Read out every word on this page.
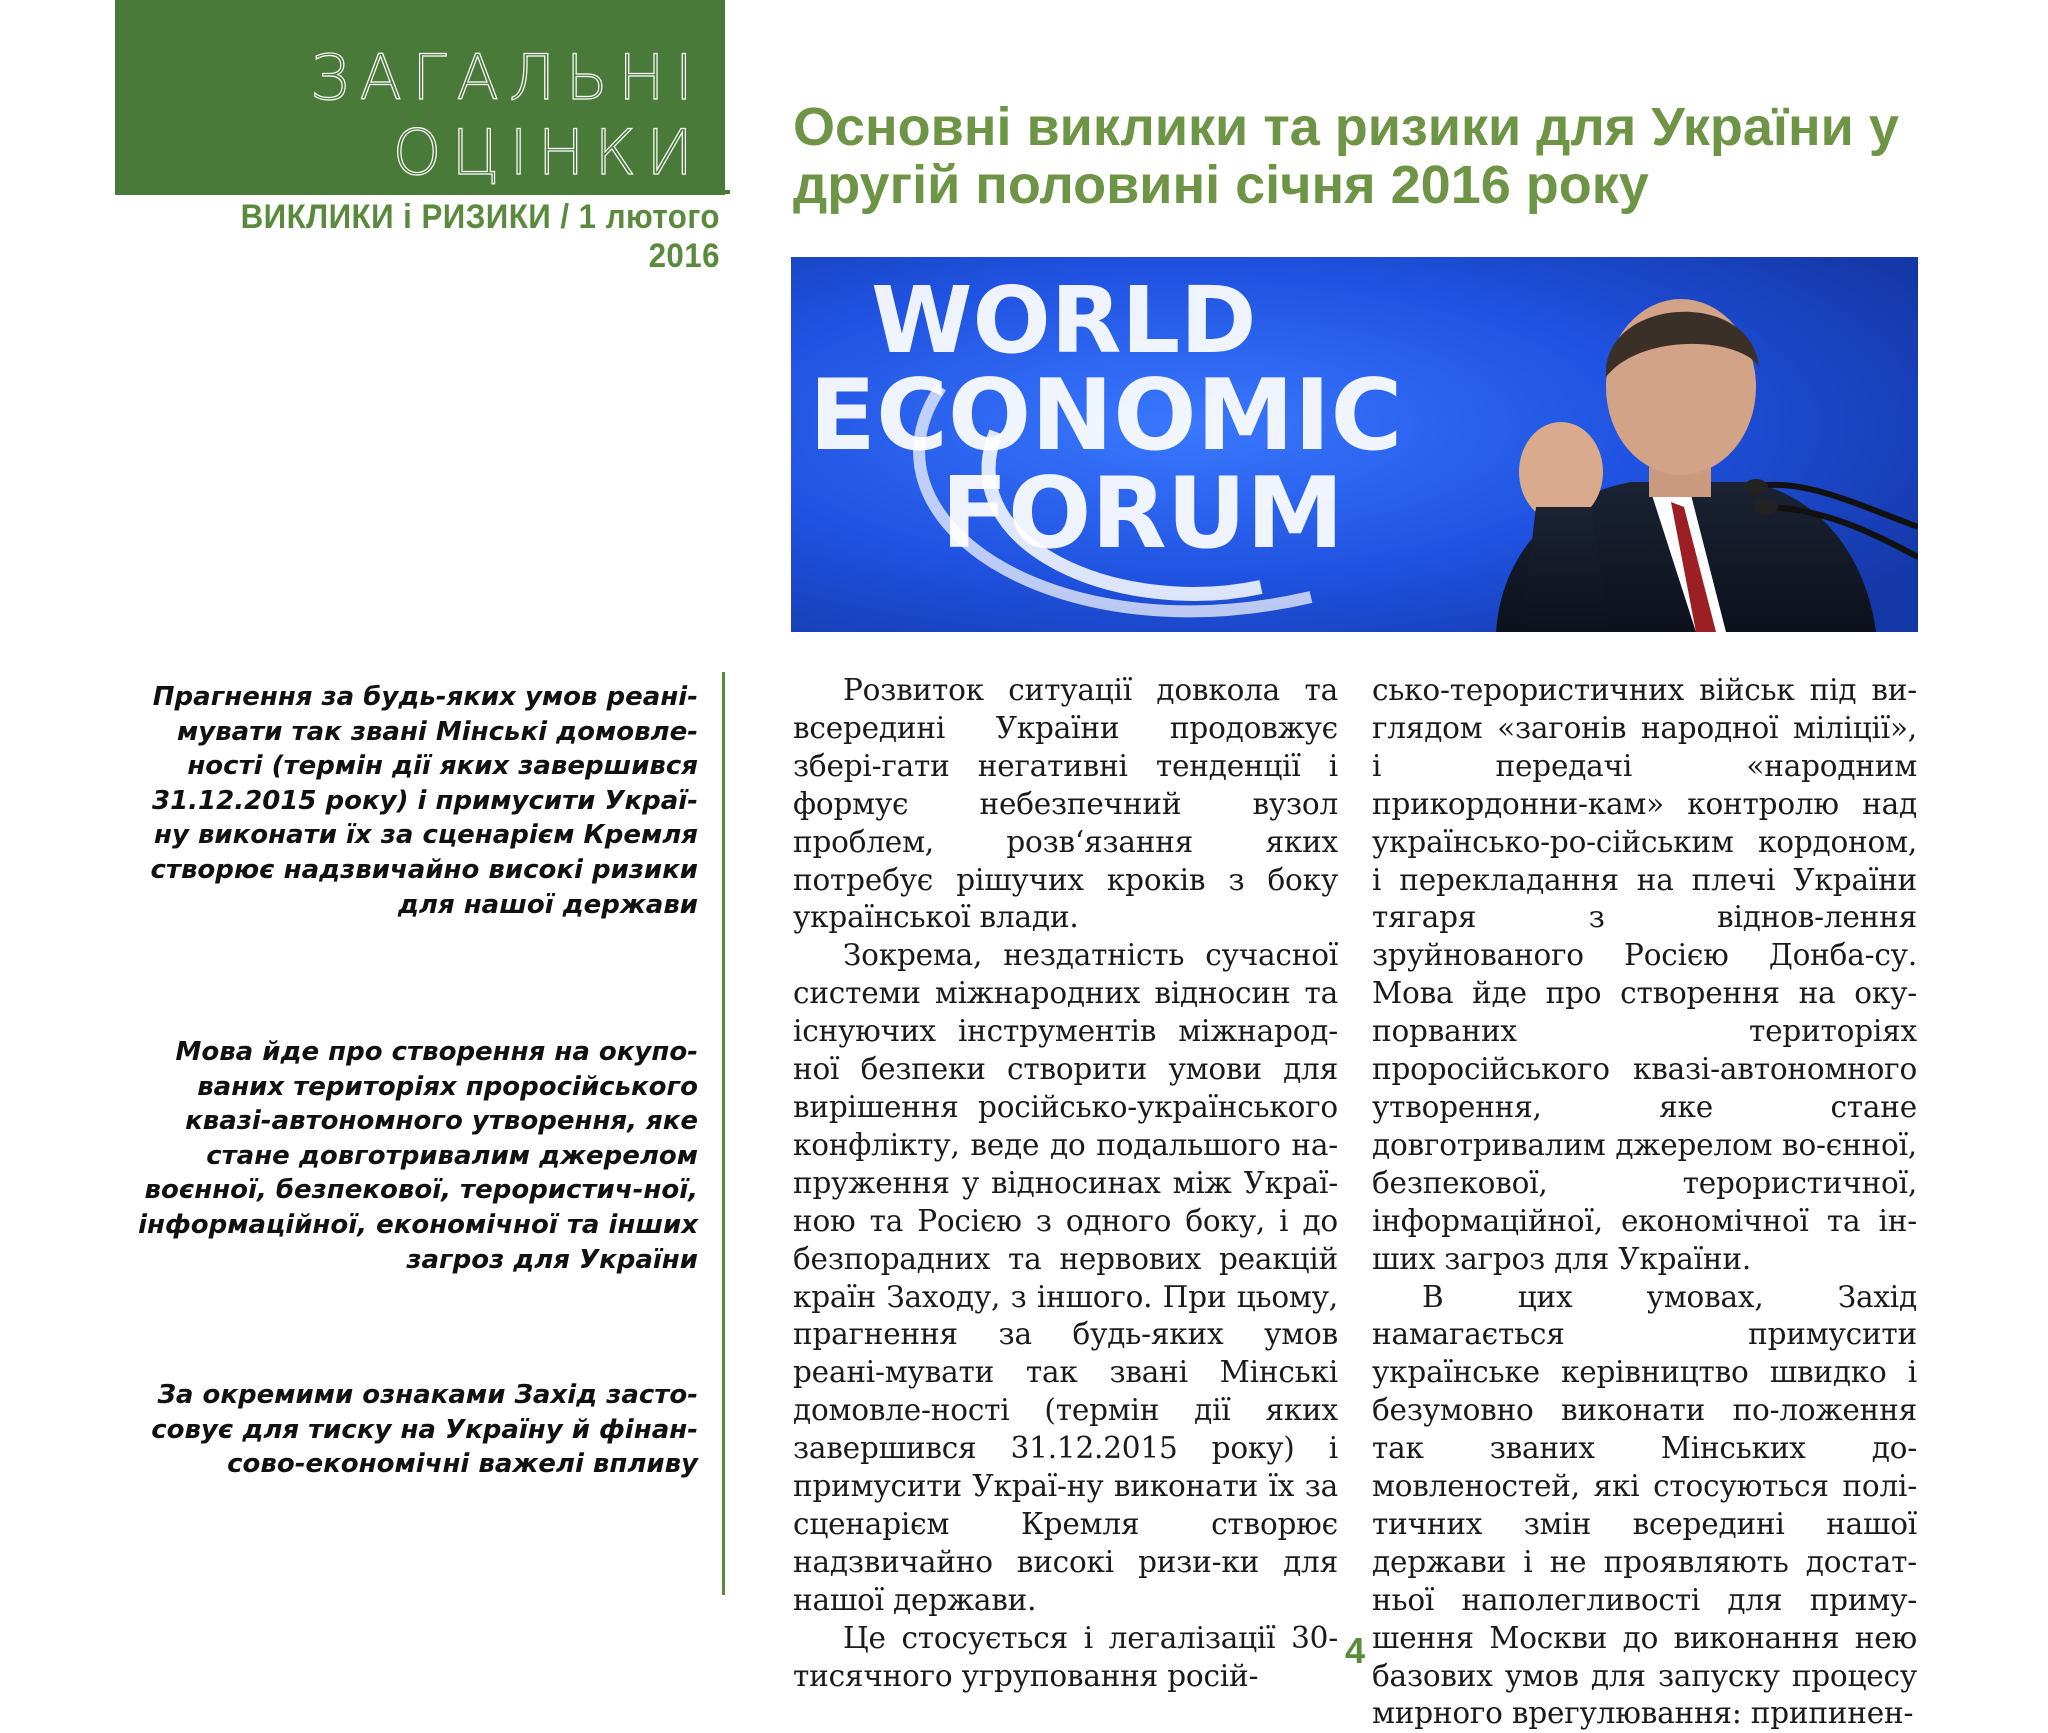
ЗАГАЛЬНІ
ОЦІНКИ
ВИКЛИКИ і РИЗИКИ / 1 лютого 2016
Основні виклики та ризики для України у другій половині січня 2016 року
WORLD
ECONOMIC
FORUM
Прагнення за будь-яких умов реані-мувати так звані Мінські домовле-ності (термін дії яких завершився 31.12.2015 року) і примусити Украї-ну виконати їх за сценарієм Кремля створює надзвичайно високі ризики для нашої держави
Мова йде про створення на окупо-ваних територіях проросійського квазі-автономного утворення, яке стане довготривалим джерелом воєнної, безпекової, терористич-ної, інформаційної, економічної та інших загроз для України
За окремими ознаками Захід засто-совує для тиску на Україну й фінан-сово-економічні важелі впливу

Розвиток ситуації довкола та всередині України продовжує збері-гати негативні тенденції і формує небезпечний вузол проблем, розв‘язання яких потребує рішучих кроків з боку української влади.

Зокрема, нездатність сучасної системи міжнародних відносин та існуючих інструментів міжнарод-ної безпеки створити умови для вирішення російсько-українського конфлікту, веде до подальшого на-пруження у відносинах між Украї-ною та Росією з одного боку, і до безпорадних та нервових реакцій країн Заходу, з іншого. При цьому, прагнення за будь-яких умов реані-мувати так звані Мінські домовле-ності (термін дії яких завершився 31.12.2015 року) і примусити Украї-ну виконати їх за сценарієм Кремля створює надзвичайно високі ризи-ки для нашої держави.

Це стосується і легалізації 30-тисячного угруповання росій-

сько-терористичних військ під ви-глядом «загонів народної міліції», і передачі «народним прикордонни-кам» контролю над українсько-ро-сійським кордоном, і перекладання на плечі України тягаря з віднов-лення зруйнованого Росією Донба-су. Мова йде про створення на оку-порваних територіях проросійського квазі-автономного утворення, яке стане довготривалим джерелом во-єнної, безпекової, терористичної, інформаційної, економічної та ін-ших загроз для України.

В цих умовах, Захід намагається примусити українське керівництво швидко і безумовно виконати по-ложення так званих Мінських до-мовленостей, які стосуються полі-тичних змін всередині нашої держави і не проявляють достат-ньої наполегливості для приму-шення Москви до виконання нею базових умов для запуску процесу мирного врегулювання: припинен-

4
